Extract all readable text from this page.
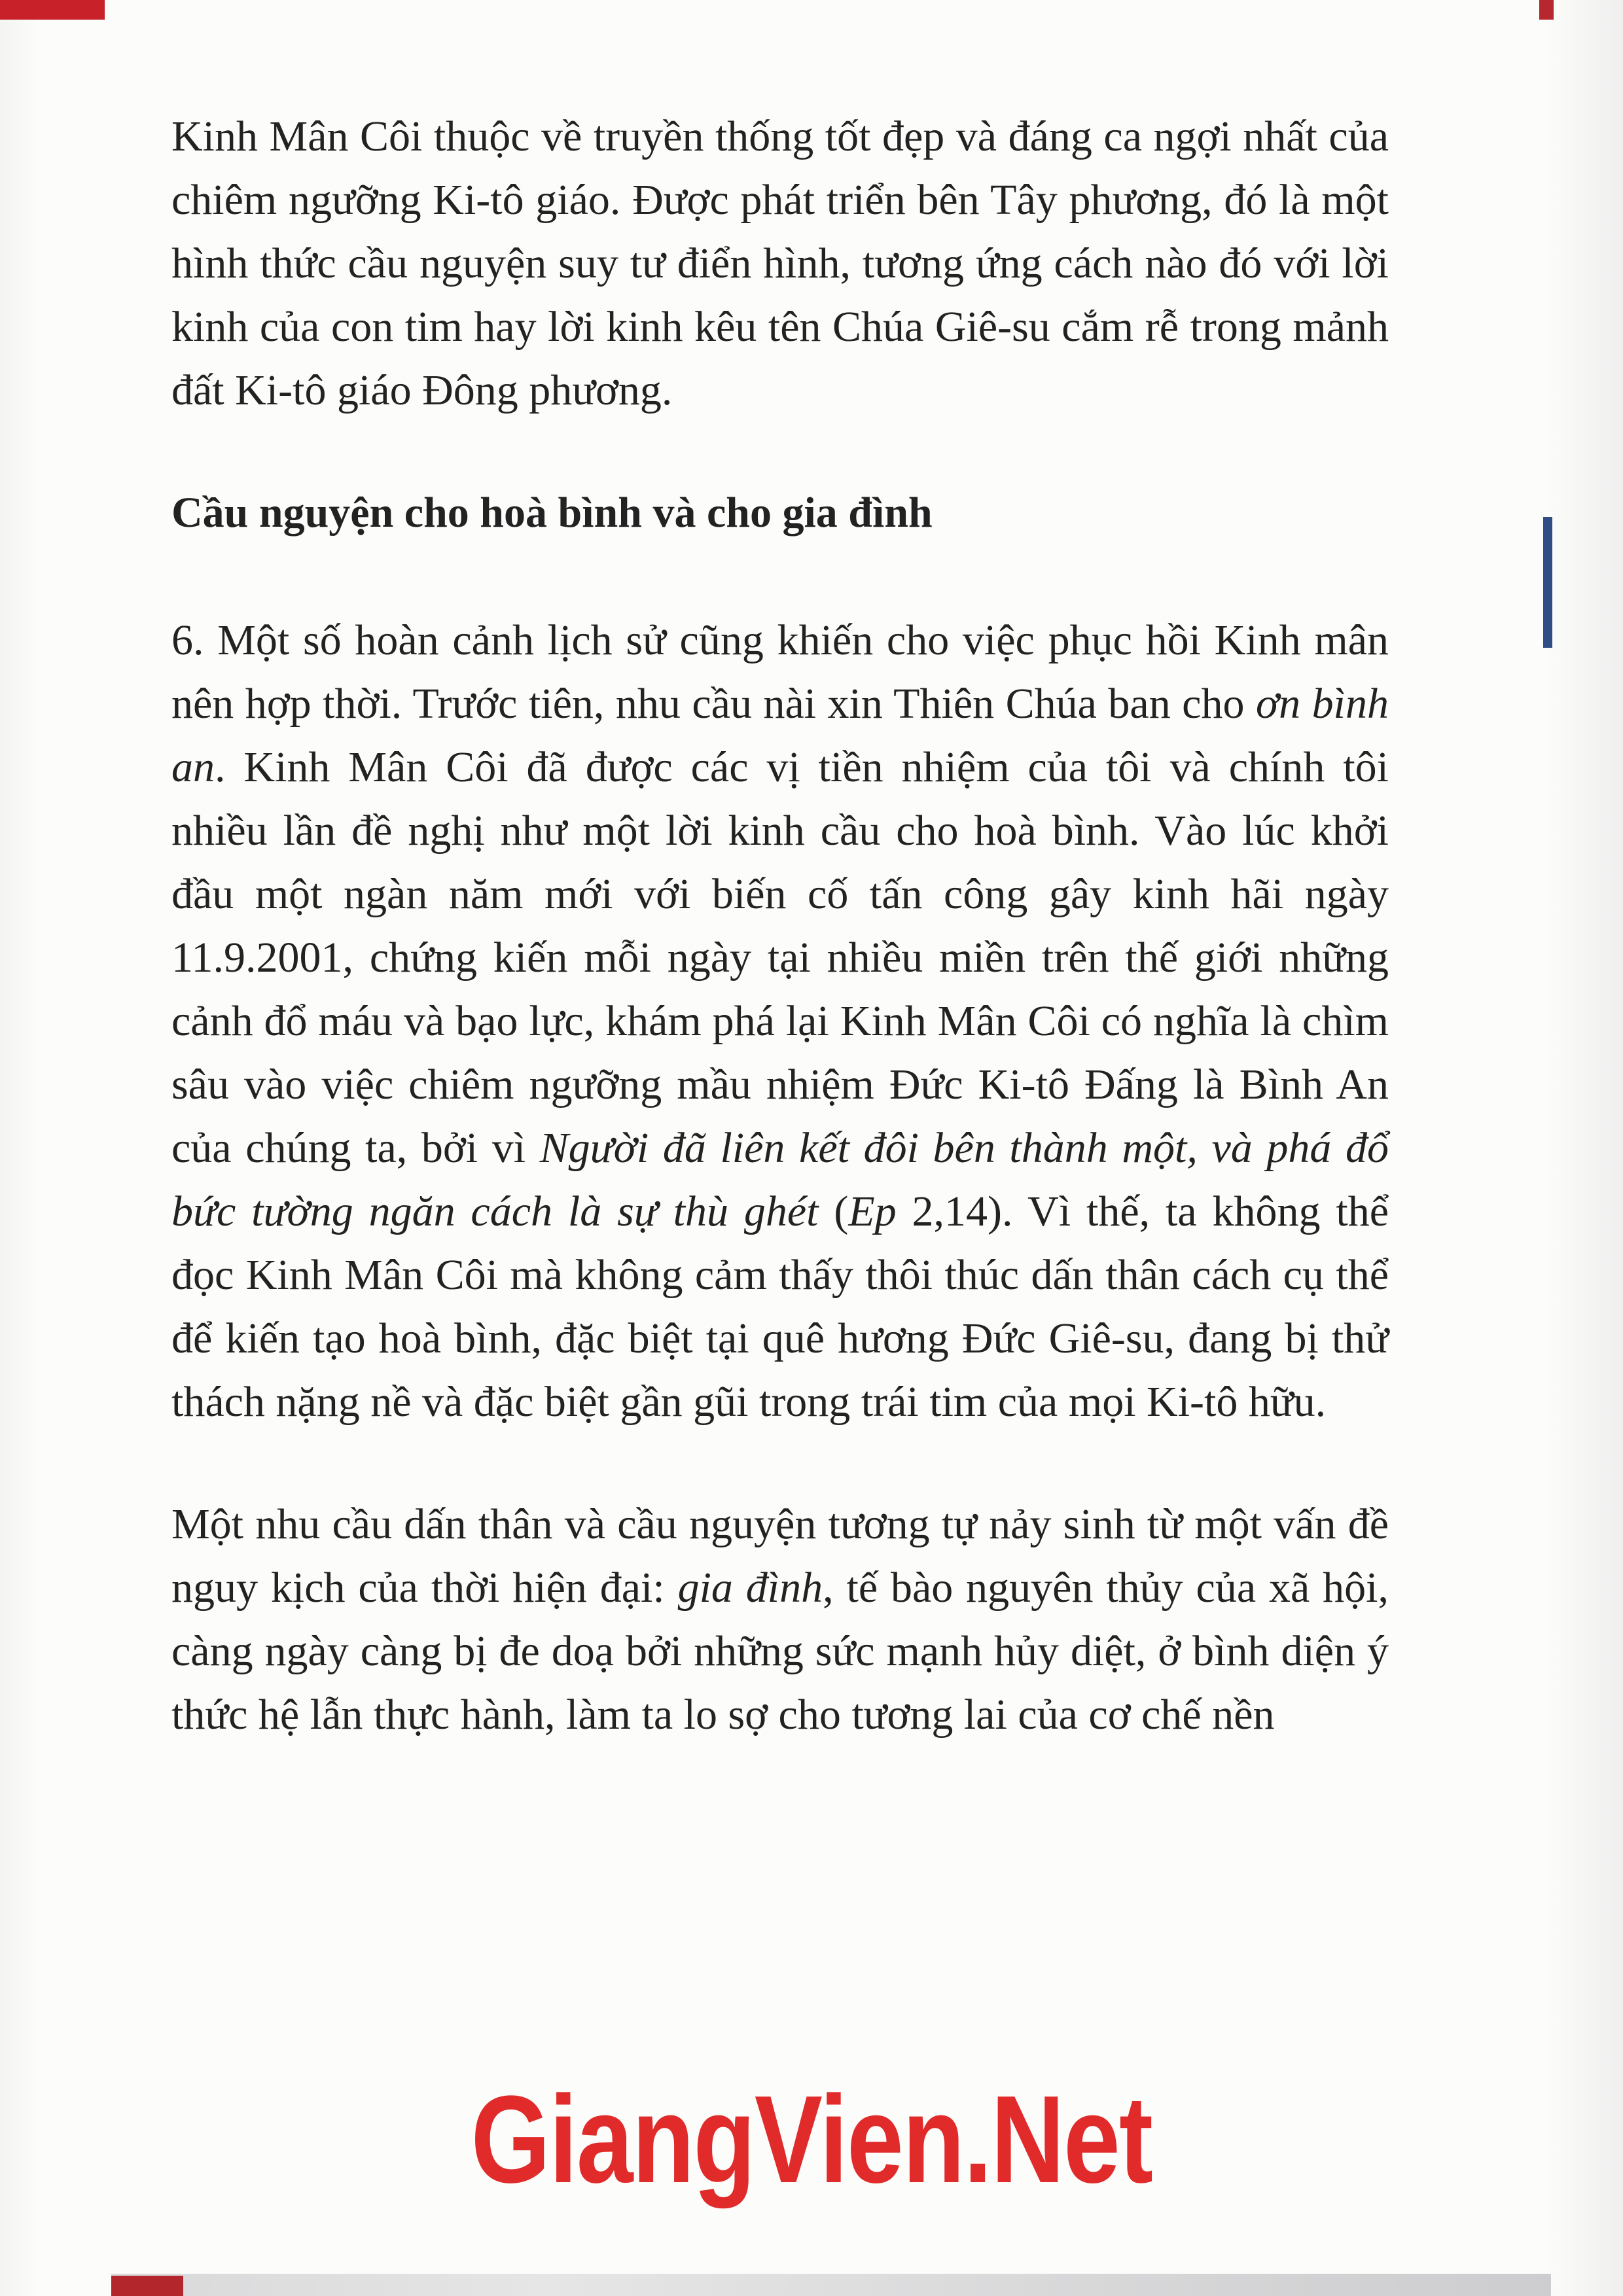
Kinh Mân Côi thuộc về truyền thống tốt đẹp và đáng ca ngợi nhất của chiêm ngưỡng Ki-tô giáo. Được phát triển bên Tây phương, đó là một hình thức cầu nguyện suy tư điển hình, tương ứng cách nào đó với lời kinh của con tim hay lời kinh kêu tên Chúa Giê-su cắm rễ trong mảnh đất Ki-tô giáo Đông phương.

Cầu nguyện cho hoà bình và cho gia đình

6. Một số hoàn cảnh lịch sử cũng khiến cho việc phục hồi Kinh mân nên hợp thời. Trước tiên, nhu cầu nài xin Thiên Chúa ban cho ơn bình an. Kinh Mân Côi đã được các vị tiền nhiệm của tôi và chính tôi nhiều lần đề nghị như một lời kinh cầu cho hoà bình. Vào lúc khởi đầu một ngàn năm mới với biến cố tấn công gây kinh hãi ngày 11.9.2001, chứng kiến mỗi ngày tại nhiều miền trên thế giới những cảnh đổ máu và bạo lực, khám phá lại Kinh Mân Côi có nghĩa là chìm sâu vào việc chiêm ngưỡng mầu nhiệm Đức Ki-tô Đấng là Bình An của chúng ta, bởi vì Người đã liên kết đôi bên thành một, và phá đổ bức tường ngăn cách là sự thù ghét (Ep 2,14). Vì thế, ta không thể đọc Kinh Mân Côi mà không cảm thấy thôi thúc dấn thân cách cụ thể để kiến tạo hoà bình, đặc biệt tại quê hương Đức Giê-su, đang bị thử thách nặng nề và đặc biệt gần gũi trong trái tim của mọi Ki-tô hữu.

Một nhu cầu dấn thân và cầu nguyện tương tự nảy sinh từ một vấn đề nguy kịch của thời hiện đại: gia đình, tế bào nguyên thủy của xã hội, càng ngày càng bị đe doạ bởi những sức mạnh hủy diệt, ở bình diện ý thức hệ lẫn thực hành, làm ta lo sợ cho tương lai của cơ chế nền

GiangVien.Net
